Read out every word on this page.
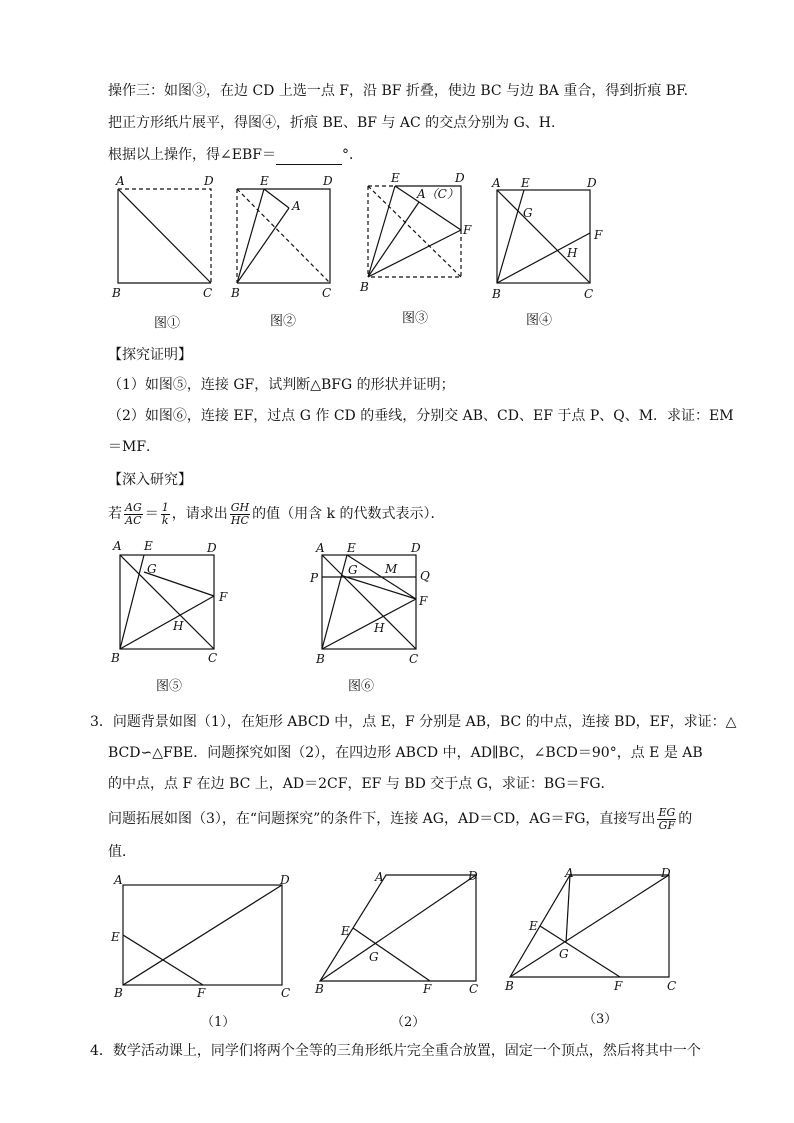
操作三：如图③，在边 CD 上选一点 F，沿 BF 折叠，使边 BC 与边 BA 重合，得到折痕 BF.
把正方形纸片展平，得图④，折痕 BE、BF 与 AC 的交点分别为 G、H.
根据以上操作，得∠EBF＝	°．
A	D
B	C
E	D
A
B	C
E	D
A（C）
F
B
A E	D
G
F
H
B	C
图①	图②	图③	图④
【探究证明】
（1）如图⑤，连接 GF，试判断△BFG 的形状并证明；
（2）如图⑥，连接 EF，过点 G 作 CD 的垂线，分别交 AB、CD、EF 于点 P、Q、M．求证：EM
＝MF．
【深入研究】
若 $\frac{AG}{AC} = \frac{1}{k}$ ，请求出 $\frac{GH}{HC}$ 的值（用含 k 的代数式表示）．
A E	D
G
F
H
B	C
A E	D
P
G M Q
F
H
B	C
图⑤	图⑥
3．问题背景如图（1），在矩形 ABCD 中，点 E，F 分别是 AB，BC 的中点，连接 BD，EF，求证：△
BCD∽△FBE．问题探究如图（2），在四边形 ABCD 中，AD∥BC，∠BCD＝90°，点 E 是 AB
的中点，点 F 在边 BC 上，AD＝2CF，EF 与 BD 交于点 G，求证：BG＝FG．
问题拓展如图（3），在“问题探究”的条件下，连接 AG，AD＝CD，AG＝FG，直接写出 $\frac{EG}{GF}$ 的
值．
A	D
E
B	F	C
A	D
E
G
B	F	C
A	D
E
G
B	F	C
（1）	（2）	（3）
4．数学活动课上，同学们将两个全等的三角形纸片完全重合放置，固定一个顶点，然后将其中一个
